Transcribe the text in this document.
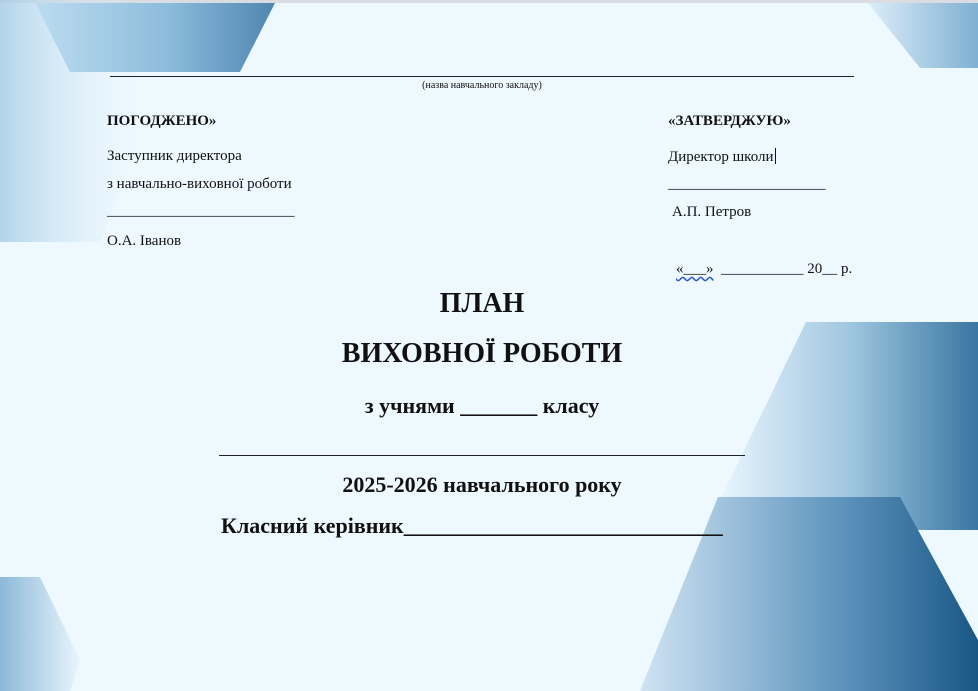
(назва навчального закладу)
ПОГОДЖЕНО»
Заступник директора
з навчально-виховної роботи
_________________________
О.А. Іванов
«ЗАТВЕРДЖУЮ»
Директор школи
_____________________
А.П. Петров
«___»  ___________ 20__ р.
ПЛАН
ВИХОВНОЇ РОБОТИ
з учнями _______ класу
2025-2026 навчального року
Класний керівник_____________________________
